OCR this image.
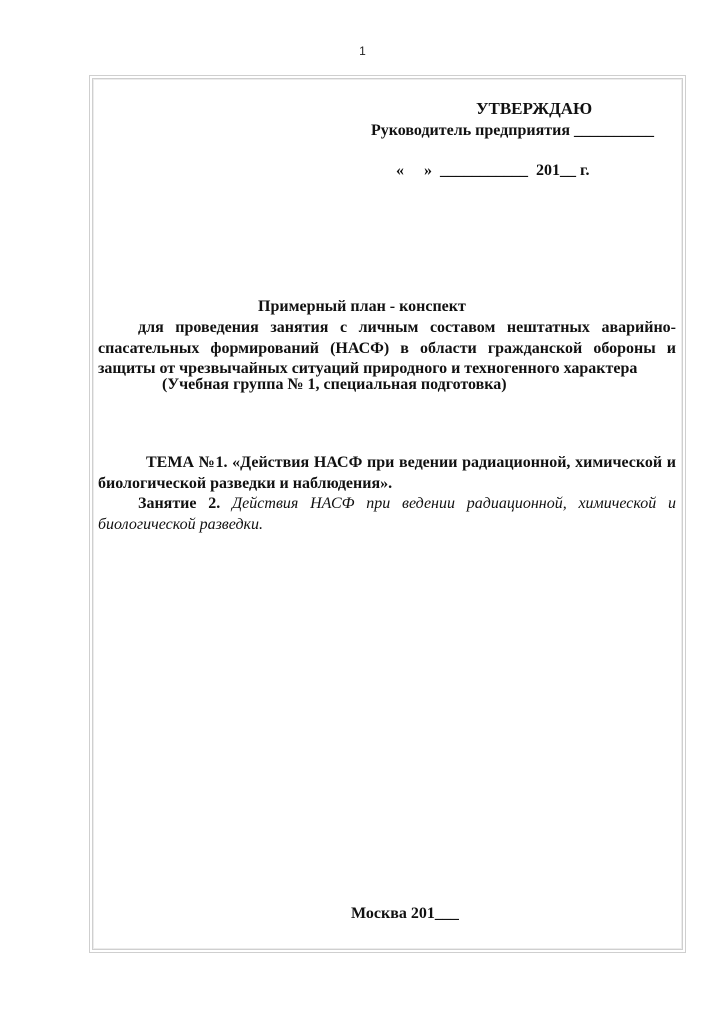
1
УТВЕРЖДАЮ
Руководитель предприятия __________
«     »  ___________  201__ г.
Примерный план - конспект
для проведения занятия с личным составом нештатных аварийно-спасательных формирований (НАСФ) в области гражданской обороны и защиты от чрезвычайных ситуаций природного и техногенного характера
(Учебная группа № 1, специальная подготовка)
ТЕМА №1. «Действия НАСФ при ведении радиационной, химической и биологической разведки и наблюдения».
Занятие 2. Действия НАСФ при ведении радиационной, химической и биологической разведки.
Москва 201___
